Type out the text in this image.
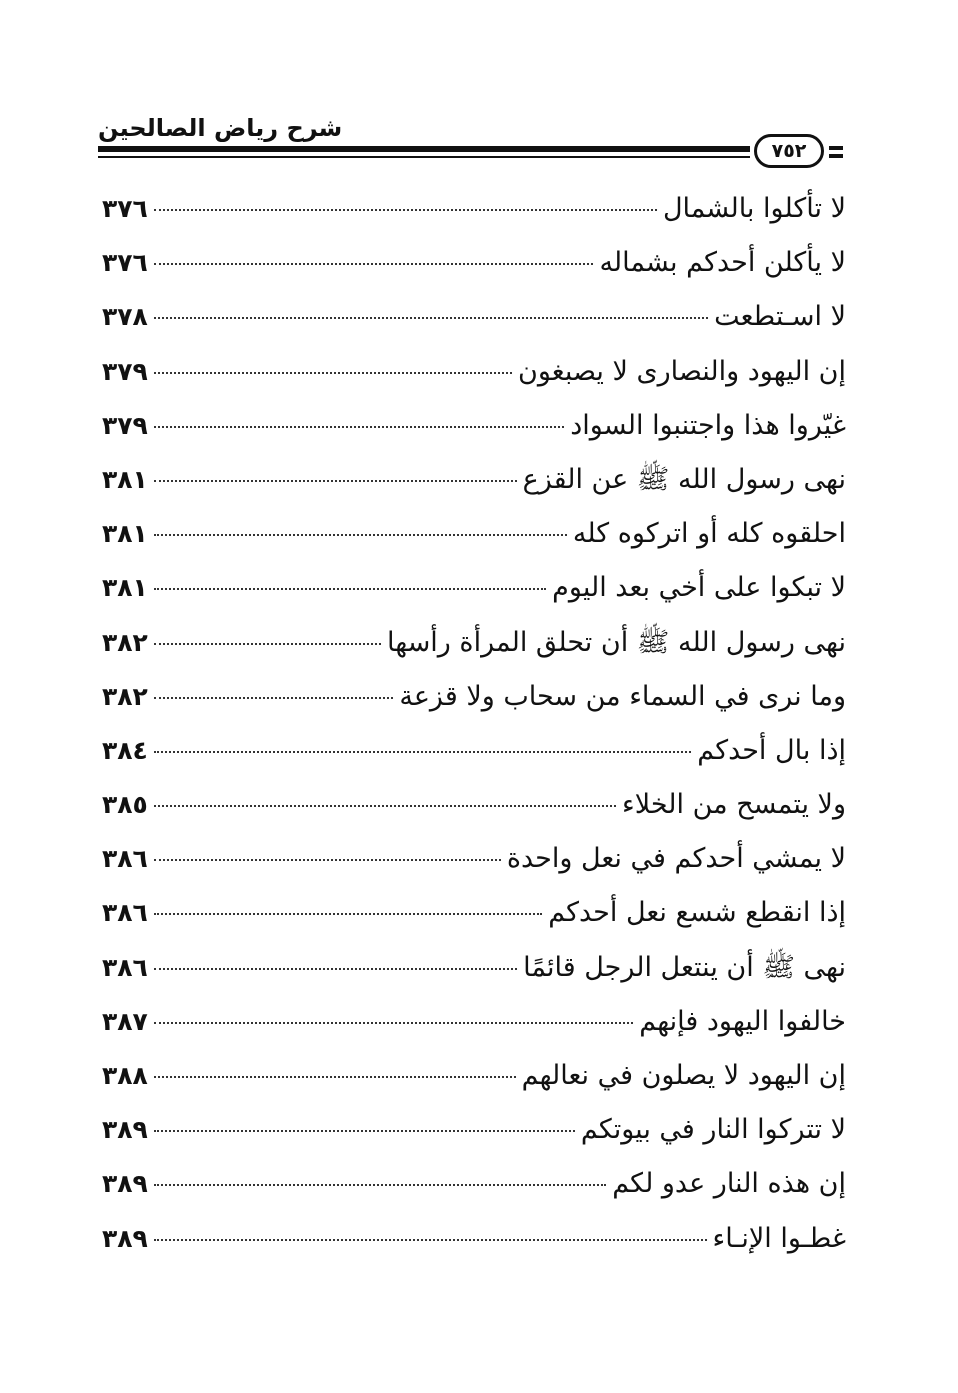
شرح رياض الصالحين
٧٥٢
٣٧٦	لا تأكلوا بالشمال
٣٧٦	لا يأكلن أحدكم بشماله
٣٧٨	لا اسـتطعت
٣٧٩	إن اليهود والنصارى لا يصبغون
٣٧٩	غيّروا هذا واجتنبوا السواد
٣٨١	نهى رسول الله ﷺ عن القزع
٣٨١	احلقوه كله أو اتركوه كله
٣٨١	لا تبكوا على أخي بعد اليوم
٣٨٢	نهى رسول الله ﷺ أن تحلق المرأة رأسها
٣٨٢	وما نرى في السماء من سحاب ولا قزعة
٣٨٤	إذا بال أحدكم
٣٨٥	ولا يتمسح من الخلاء
٣٨٦	لا يمشي أحدكم في نعل واحدة
٣٨٦	إذا انقطع شسع نعل أحدكم
٣٨٦	نهى ﷺ أن ينتعل الرجل قائمًا
٣٨٧	خالفوا اليهود فإنهم
٣٨٨	إن اليهود لا يصلون في نعالهم
٣٨٩	لا تتركوا النار في بيوتكم
٣٨٩	إن هذه النار عدو لكم
٣٨٩	غطـوا الإنـاء
